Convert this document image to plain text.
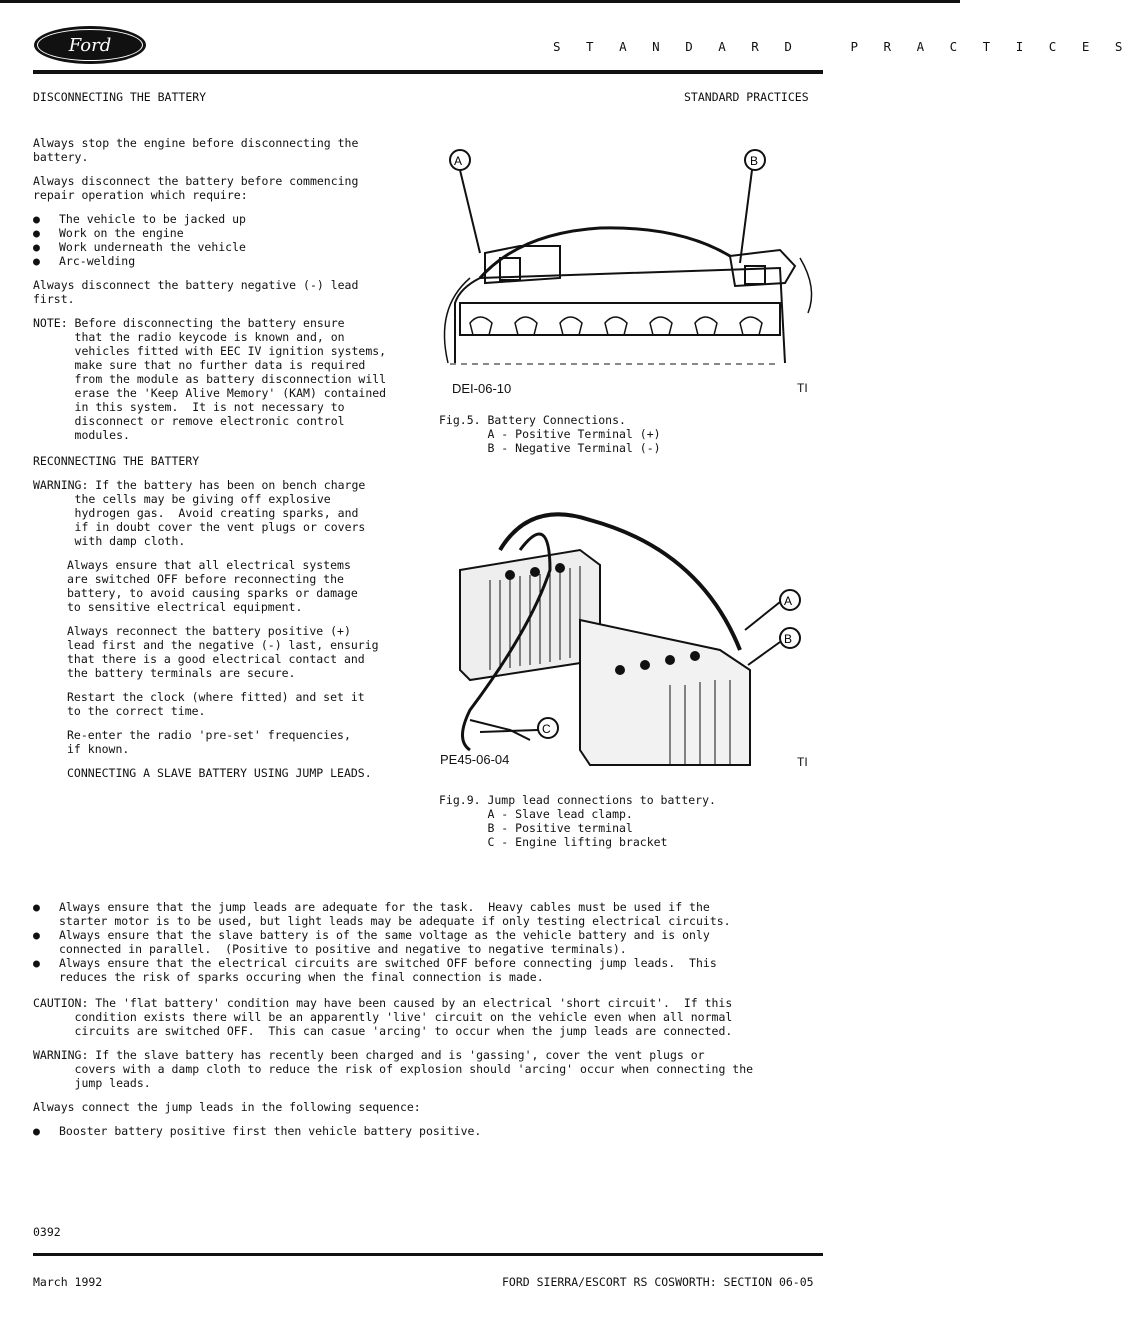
Ford	S T A N D A R D   P R A C T I C E S
DISCONNECTING THE BATTERY	STANDARD PRACTICES

Always stop the engine before disconnecting the
battery.

Always disconnect the battery before commencing
repair operation which require:

●	The vehicle to be jacked up
●	Work on the engine
●	Work underneath the vehicle
●	Arc-welding

Always disconnect the battery negative (-) lead
first.

NOTE: Before disconnecting the battery ensure
that the radio keycode is known and, on
vehicles fitted with EEC IV ignition systems,
make sure that no further data is required
from the module as battery disconnection will
erase the 'Keep Alive Memory' (KAM) contained
in this system.  It is not necessary to
disconnect or remove electronic control
modules.

RECONNECTING THE BATTERY

WARNING: If the battery has been on bench charge
the cells may be giving off explosive
hydrogen gas.  Avoid creating sparks, and
if in doubt cover the vent plugs or covers
with damp cloth.

Always ensure that all electrical systems
are switched OFF before reconnecting the
battery, to avoid causing sparks or damage
to sensitive electrical equipment.

Always reconnect the battery positive (+)
lead first and the negative (-) last, ensurig
that there is a good electrical contact and
the battery terminals are secure.

Restart the clock (where fitted) and set it
to the correct time.

Re-enter the radio 'pre-set' frequencies,
if known.

CONNECTING A SLAVE BATTERY USING JUMP LEADS.

A	B
DEI-06-10	TI
Fig.5. Battery Connections.
A - Positive Terminal (+)
B - Negative Terminal (-)
A
B
C
PE45-06-04	TI
Fig.9. Jump lead connections to battery.
A - Slave lead clamp.
B - Positive terminal
C - Engine lifting bracket
●	Always ensure that the jump leads are adequate for the task.  Heavy cables must be used if the
starter motor is to be used, but light leads may be adequate if only testing electrical circuits.
●	Always ensure that the slave battery is of the same voltage as the vehicle battery and is only
connected in parallel.  (Positive to positive and negative to negative terminals).
●	Always ensure that the electrical circuits are switched OFF before connecting jump leads.  This
reduces the risk of sparks occuring when the final connection is made.

CAUTION: The 'flat battery' condition may have been caused by an electrical 'short circuit'.  If this
condition exists there will be an apparently 'live' circuit on the vehicle even when all normal
circuits are switched OFF.  This can casue 'arcing' to occur when the jump leads are connected.

WARNING: If the slave battery has recently been charged and is 'gassing', cover the vent plugs or
covers with a damp cloth to reduce the risk of explosion should 'arcing' occur when connecting the
jump leads.

Always connect the jump leads in the following sequence:

●	Booster battery positive first then vehicle battery positive.
0392
March 1992	FORD SIERRA/ESCORT RS COSWORTH: SECTION 06-05
